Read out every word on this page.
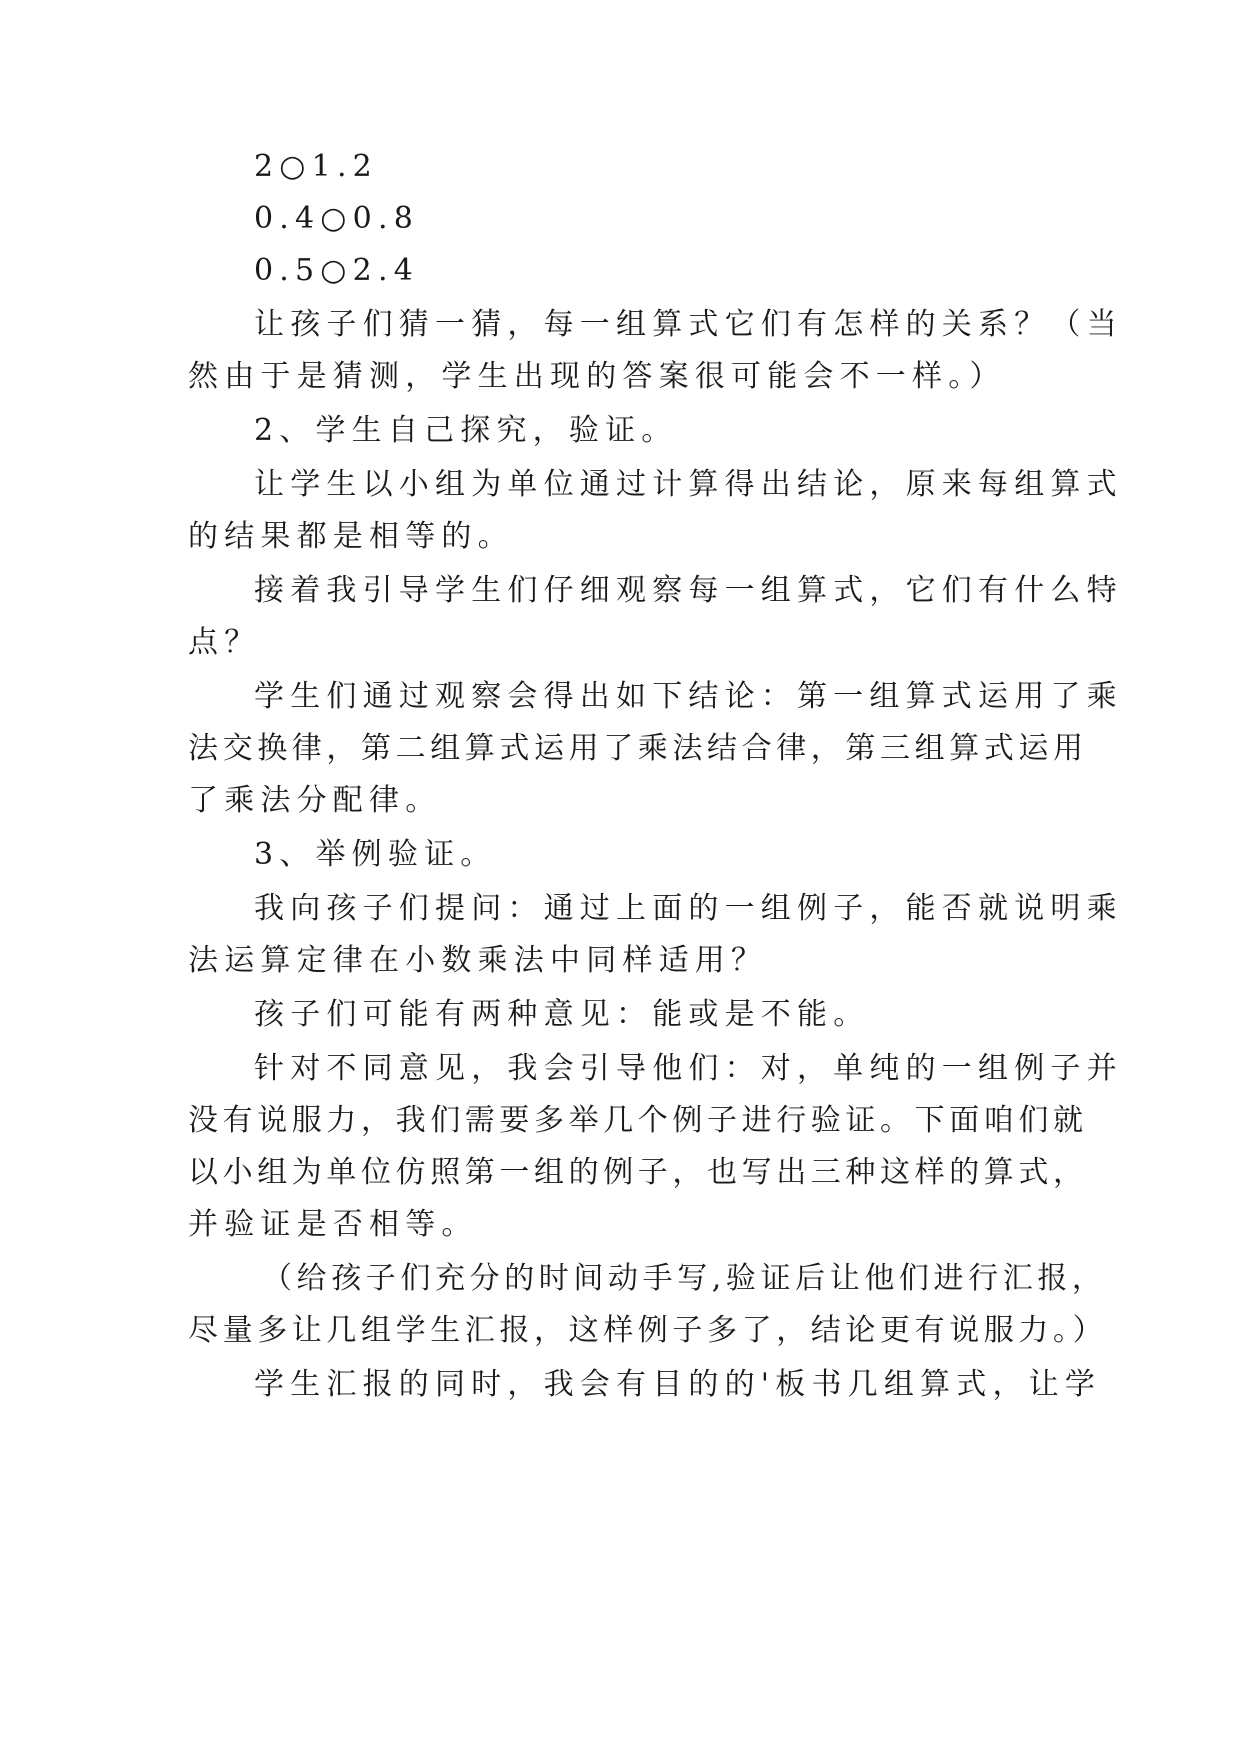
2○1.2
0.4○0.8
0.5○2.4
让孩子们猜一猜，每一组算式它们有怎样的关系？（当
然由于是猜测，学生出现的答案很可能会不一样。）
2、学生自己探究，验证。
让学生以小组为单位通过计算得出结论，原来每组算式
的结果都是相等的。
接着我引导学生们仔细观察每一组算式，它们有什么特
点？
学生们通过观察会得出如下结论：第一组算式运用了乘
法交换律，第二组算式运用了乘法结合律，第三组算式运用
了乘法分配律。
3、举例验证。
我向孩子们提问：通过上面的一组例子，能否就说明乘
法运算定律在小数乘法中同样适用？
孩子们可能有两种意见：能或是不能。
针对不同意见，我会引导他们：对，单纯的一组例子并
没有说服力，我们需要多举几个例子进行验证。下面咱们就
以小组为单位仿照第一组的例子，也写出三种这样的算式，
并验证是否相等。
（给孩子们充分的时间动手写,验证后让他们进行汇报，
尽量多让几组学生汇报，这样例子多了，结论更有说服力。）
学生汇报的同时，我会有目的的'板书几组算式，让学
